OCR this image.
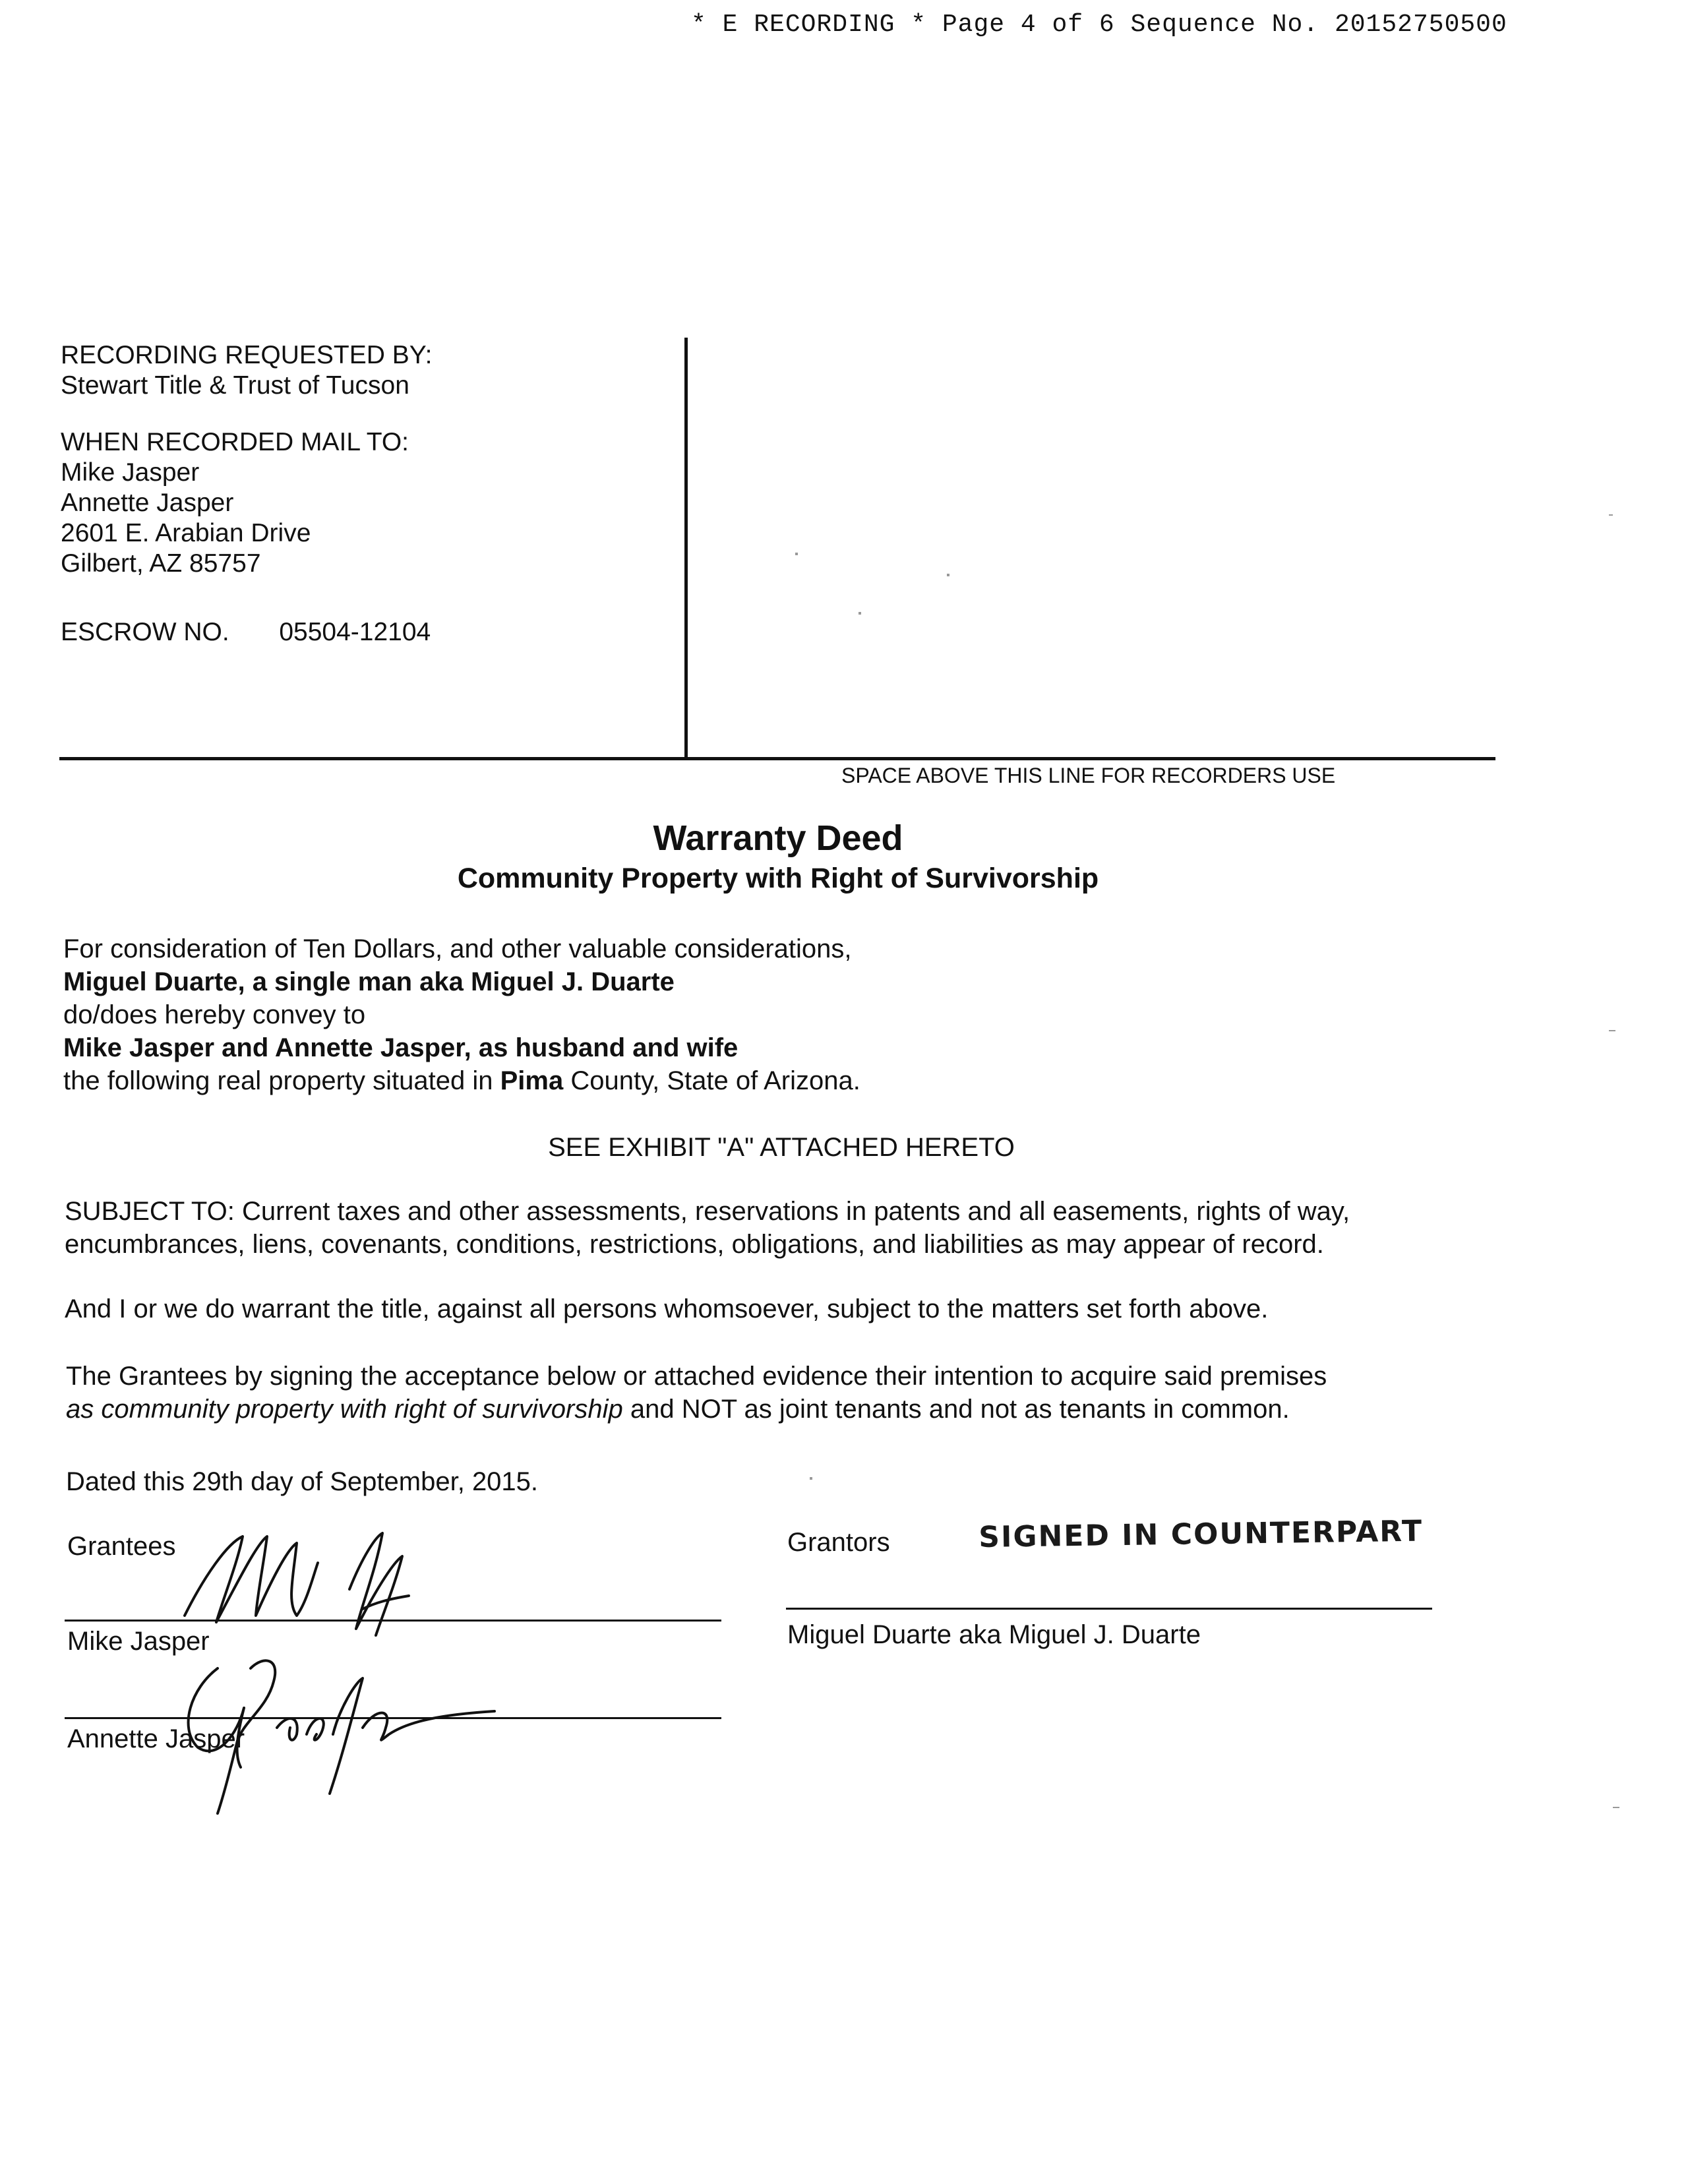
* E RECORDING * Page 4 of 6 Sequence No. 20152750500
RECORDING REQUESTED BY:
Stewart Title & Trust of Tucson
WHEN RECORDED MAIL TO:
Mike Jasper
Annette Jasper
2601 E. Arabian Drive
Gilbert, AZ 85757
ESCROW NO. 05504-12104
SPACE ABOVE THIS LINE FOR RECORDERS USE
Warranty Deed
Community Property with Right of Survivorship
For consideration of Ten Dollars, and other valuable considerations,
Miguel Duarte, a single man aka Miguel J. Duarte
do/does hereby convey to
Mike Jasper and Annette Jasper, as husband and wife
the following real property situated in Pima County, State of Arizona.
SEE EXHIBIT "A" ATTACHED HERETO
SUBJECT TO: Current taxes and other assessments, reservations in patents and all easements, rights of way,
encumbrances, liens, covenants, conditions, restrictions, obligations, and liabilities as may appear of record.
And I or we do warrant the title, against all persons whomsoever, subject to the matters set forth above.
The Grantees by signing the acceptance below or attached evidence their intention to acquire said premises
as community property with right of survivorship and NOT as joint tenants and not as tenants in common.
Dated this 29th day of September, 2015.
Grantees
Mike Jasper
Annette Jasper
Grantors	SIGNED IN COUNTERPART
Miguel Duarte aka Miguel J. Duarte
